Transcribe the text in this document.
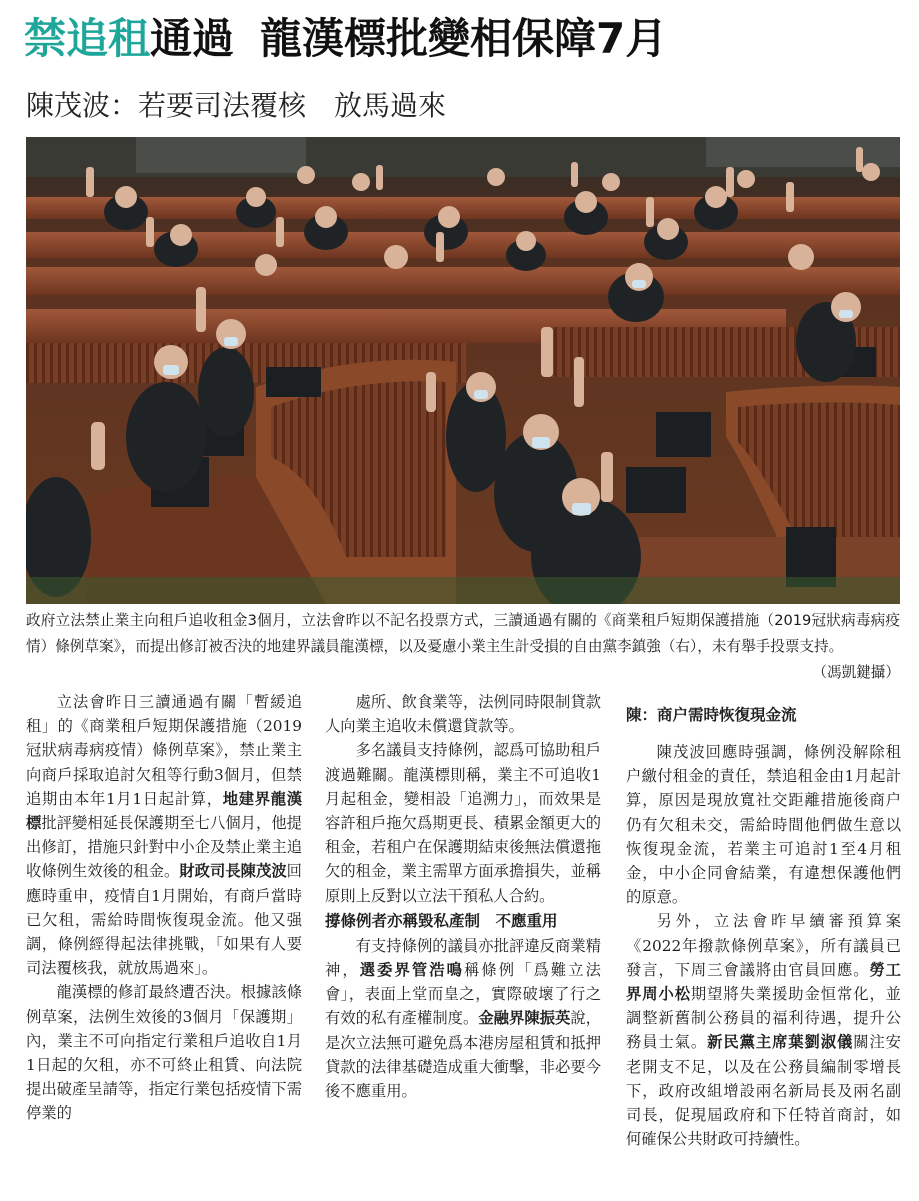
禁追租通過 龍漢標批變相保障7月
陳茂波：若要司法覆核　放馬過來
政府立法禁止業主向租戶追收租金3個月，立法會昨以不記名投票方式，三讀通過有關的《商業租戶短期保護措施（2019冠狀病毒病疫情）條例草案》，而提出修訂被否決的地建界議員龍漢標，以及憂慮小業主生計受損的自由黨李鎮強（右），未有舉手投票支持。
（馮凱鍵攝）

立法會昨日三讀通過有關「暫緩追租」的《商業租戶短期保護措施（2019冠狀病毒病疫情）條例草案》，禁止業主向商戶採取追討欠租等行動3個月，但禁追期由本年1月1日起計算，地建界龍漢標批評變相延長保護期至七八個月，他提出修訂，措施只針對中小企及禁止業主追收條例生效後的租金。財政司長陳茂波回應時重申，疫情自1月開始，有商戶當時已欠租，需給時間恢復現金流。他又强調，條例經得起法律挑戰，「如果有人要司法覆核我，就放馬過來」。

龍漢標的修訂最終遭否決。根據該條例草案，法例生效後的3個月「保護期」內，業主不可向指定行業租戶追收自1月1日起的欠租，亦不可終止租賃、向法院提出破產呈請等，指定行業包括疫情下需停業的

處所、飲食業等，法例同時限制貸款人向業主追收未償還貸款等。

多名議員支持條例，認爲可協助租戶渡過難關。龍漢標則稱，業主不可追收1月起租金，變相設「追溯力」，而效果是容許租戶拖欠爲期更長、積累金額更大的租金，若租户在保護期結束後無法償還拖欠的租金，業主需單方面承擔損失，並稱原則上反對以立法干預私人合約。

撐條例者亦稱毀私產制　不應重用

有支持條例的議員亦批評違反商業精神，選委界管浩鳴稱條例「爲難立法會」，表面上堂而皇之，實際破壞了行之有效的私有產權制度。金融界陳振英說，是次立法無可避免爲本港房屋租賃和抵押貸款的法律基礎造成重大衝擊，非必要今後不應重用。

陳：商户需時恢復現金流

陳茂波回應時强調，條例没解除租户繳付租金的責任，禁追租金由1月起計算，原因是現放寬社交距離措施後商户仍有欠租未交，需給時間他們做生意以恢復現金流，若業主可追討1至4月租金，中小企同會結業，有違想保護他們的原意。

另外，立法會昨早續審預算案《2022年撥款條例草案》，所有議員已發言，下周三會議將由官員回應。勞工界周小松期望將失業援助金恒常化，並調整新舊制公務員的福利待遇，提升公務員士氣。新民黨主席葉劉淑儀關注安老開支不足，以及在公務員編制零增長下，政府改組增設兩名新局長及兩名副司長，促現屆政府和下任特首商討，如何確保公共財政可持續性。
